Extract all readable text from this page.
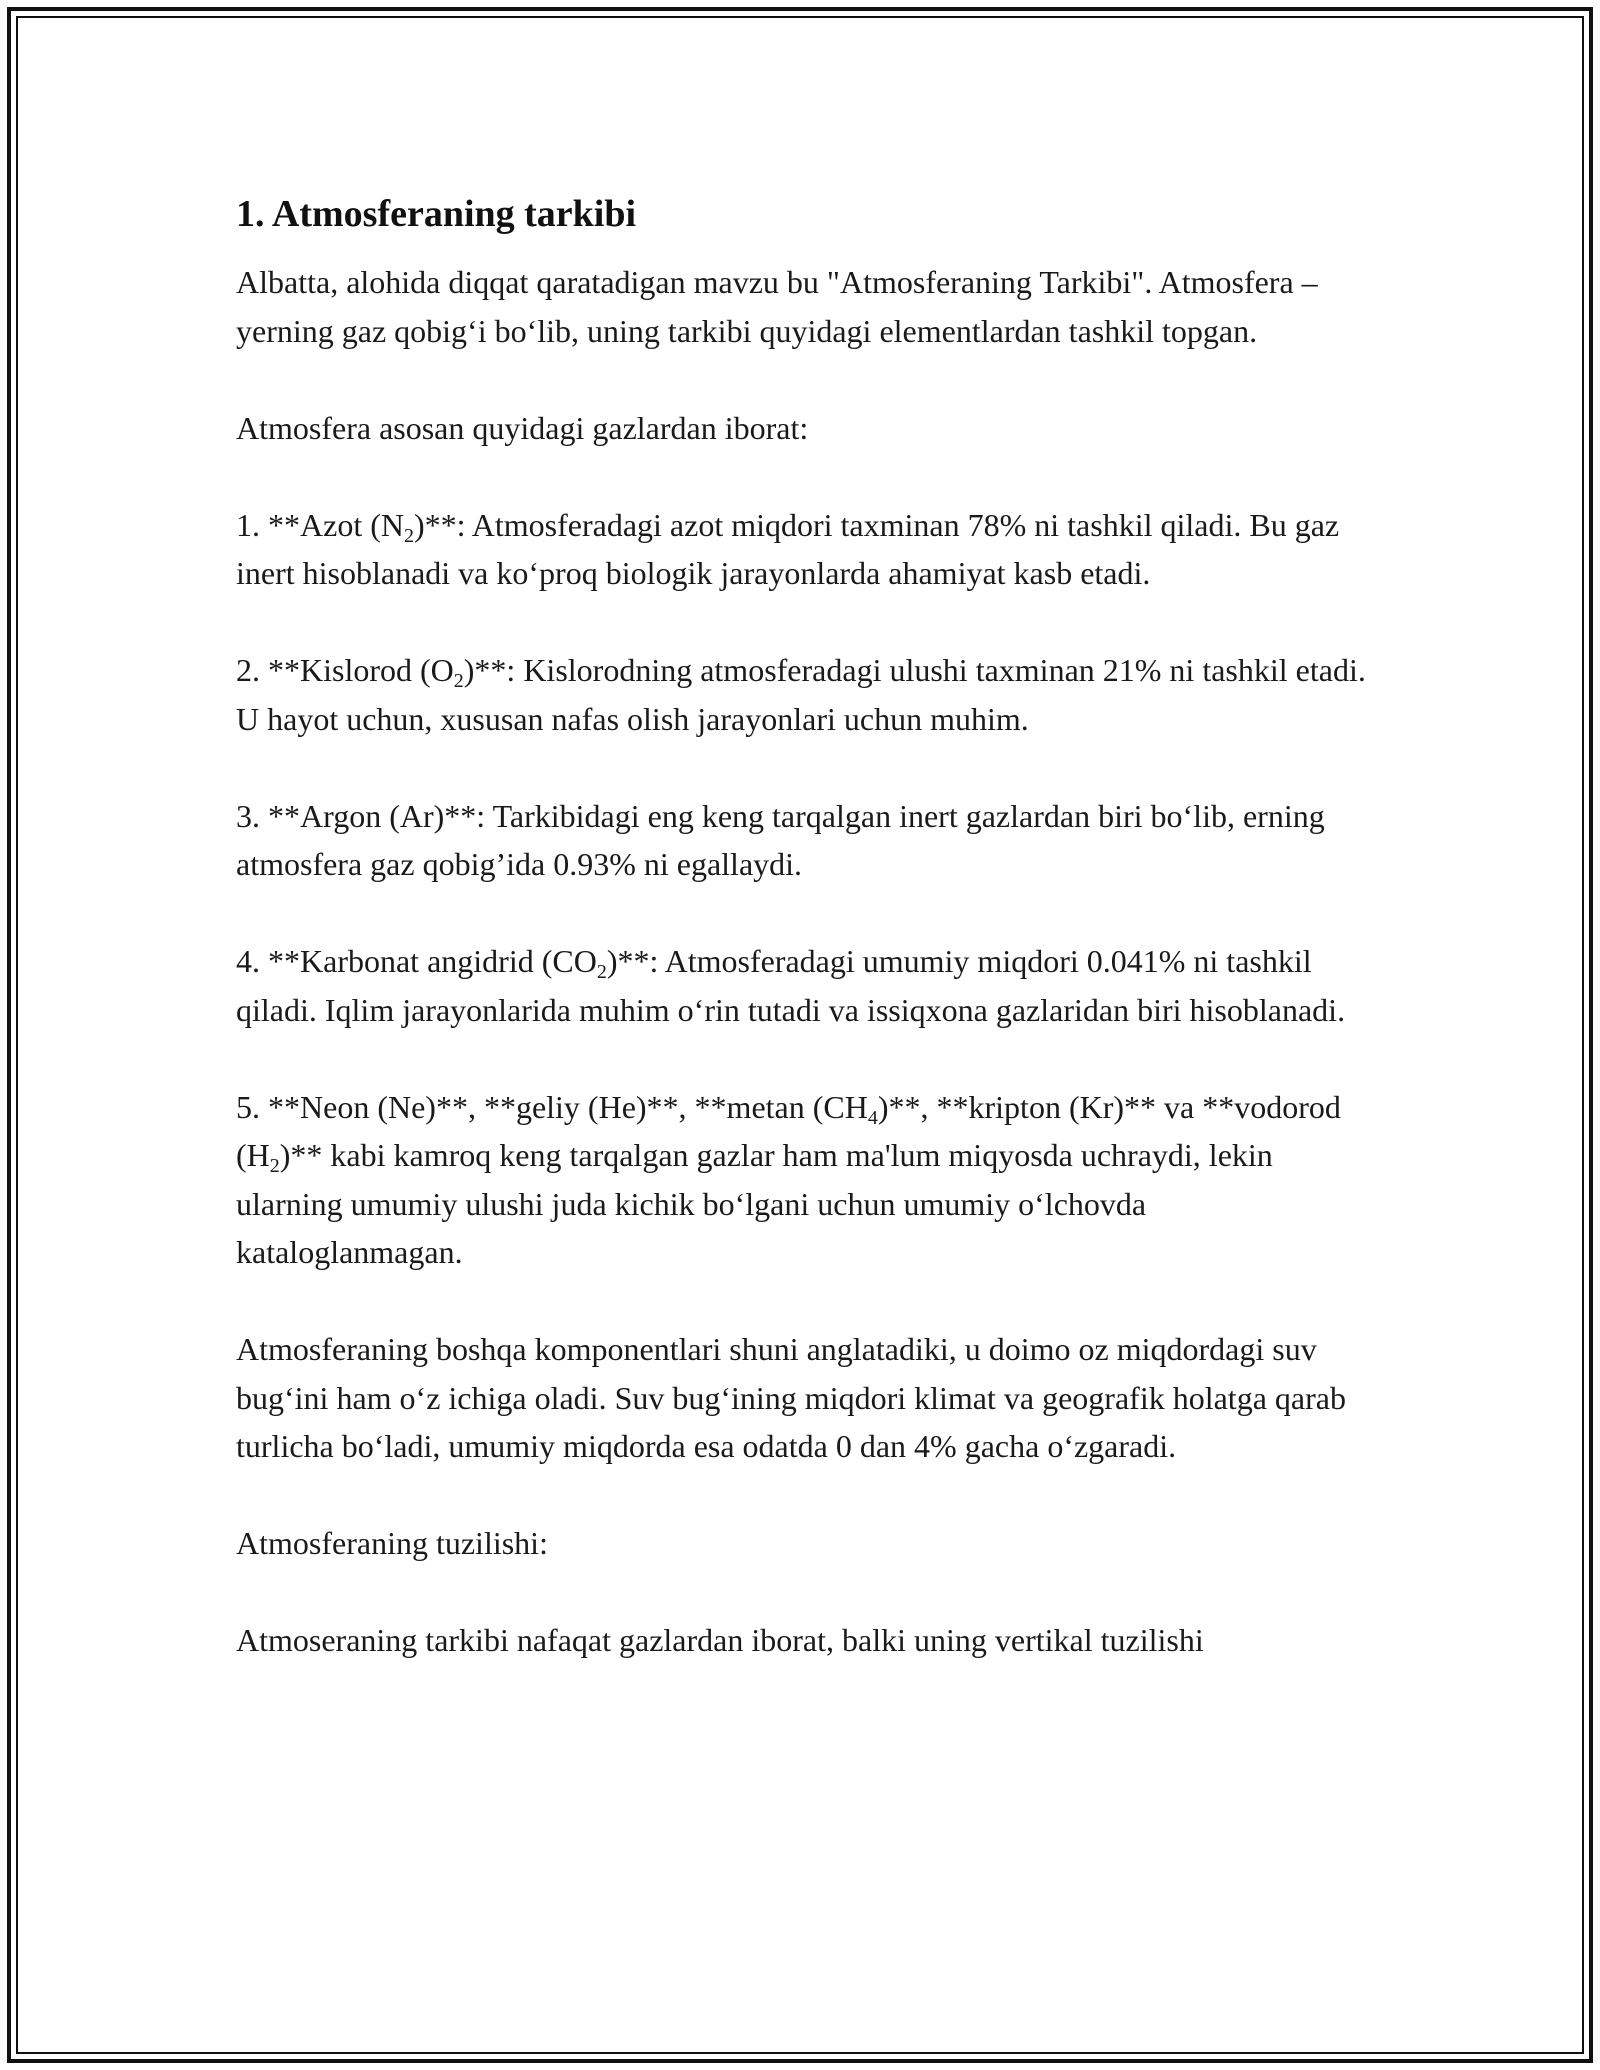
1. Atmosferaning tarkibi

Albatta, alohida diqqat qaratadigan mavzu bu "Atmosferaning Tarkibi". Atmosfera – yerning gaz qobig‘i bo‘lib, uning tarkibi quyidagi elementlardan tashkil topgan.

Atmosfera asosan quyidagi gazlardan iborat:

1. **Azot $(N_2)**$: Atmosferadagi azot miqdori taxminan 78% ni tashkil qiladi. Bu gaz inert hisoblanadi va ko‘proq biologik jarayonlarda ahamiyat kasb etadi.

2. **Kislorod $(O_2)**$: Kislorodning atmosferadagi ulushi taxminan 21% ni tashkil etadi. U hayot uchun, xususan nafas olish jarayonlari uchun muhim.

3. **Argon (Ar)**: Tarkibidagi eng keng tarqalgan inert gazlardan biri bo‘lib, erning atmosfera gaz qobig’ida 0.93% ni egallaydi.

4. **Karbonat angidrid $(CO_2)**$: Atmosferadagi umumiy miqdori 0.041% ni tashkil qiladi. Iqlim jarayonlarida muhim o‘rin tutadi va issiqxona gazlaridan biri hisoblanadi.

5. **Neon (Ne)**, **geliy (He)**, **metan $(CH_4)**$, **kripton (Kr)** va **vodorod $(H_2)**$ kabi kamroq keng tarqalgan gazlar ham ma'lum miqyosda uchraydi, lekin ularning umumiy ulushi juda kichik bo‘lgani uchun umumiy o‘lchovda kataloglanmagan.

Atmosferaning boshqa komponentlari shuni anglatadiki, u doimo oz miqdordagi suv bug‘ini ham o‘z ichiga oladi. Suv bug‘ining miqdori klimat va geografik holatga qarab turlicha bo‘ladi, umumiy miqdorda esa odatda 0 dan 4% gacha o‘zgaradi.

Atmosferaning tuzilishi:

Atmoseraning tarkibi nafaqat gazlardan iborat, balki uning vertikal tuzilishi
